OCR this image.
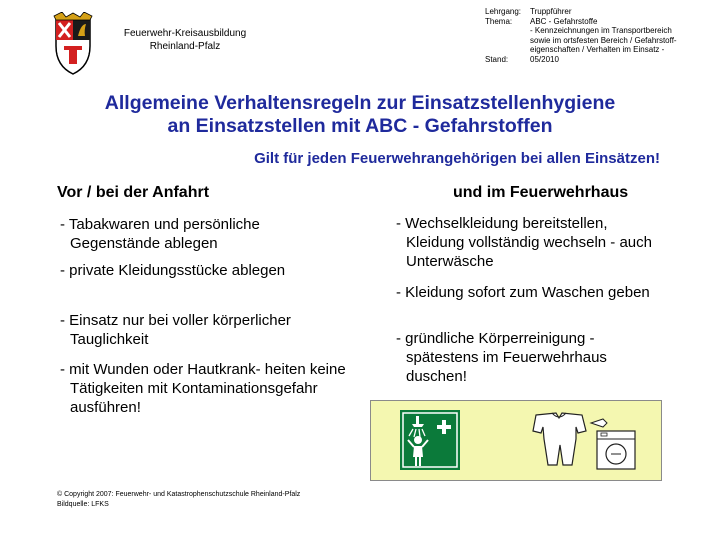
Feuerwehr-Kreisausbildung
Rheinland-Pfalz
Lehrgang:	Truppführer
Thema:	ABC - Gefahrstoffe
- Kennzeichnungen im Transportbereich
sowie im ortsfesten Bereich / Gefahrstoff-
eigenschaften / Verhalten im Einsatz -
Stand:	05/2010
Allgemeine Verhaltensregeln zur Einsatzstellenhygiene
an Einsatzstellen mit ABC - Gefahrstoffen
Gilt für jeden Feuerwehrangehörigen bei allen Einsätzen!
Vor / bei der Anfahrt
- Tabakwaren und persönliche Gegenstände ablegen
- private Kleidungsstücke ablegen
- Einsatz nur bei voller körperlicher Tauglichkeit
- mit Wunden oder Hautkrank- heiten keine Tätigkeiten mit Kontaminationsgefahr ausführen!
und im Feuerwehrhaus
- Wechselkleidung bereitstellen, Kleidung vollständig wechseln - auch Unterwäsche
- Kleidung sofort zum Waschen geben
- gründliche Körperreinigung - spätestens im Feuerwehrhaus duschen!
© Copyright 2007: Feuerwehr- und Katastrophenschutzschule Rheinland-Pfalz
Bildquelle: LFKS
